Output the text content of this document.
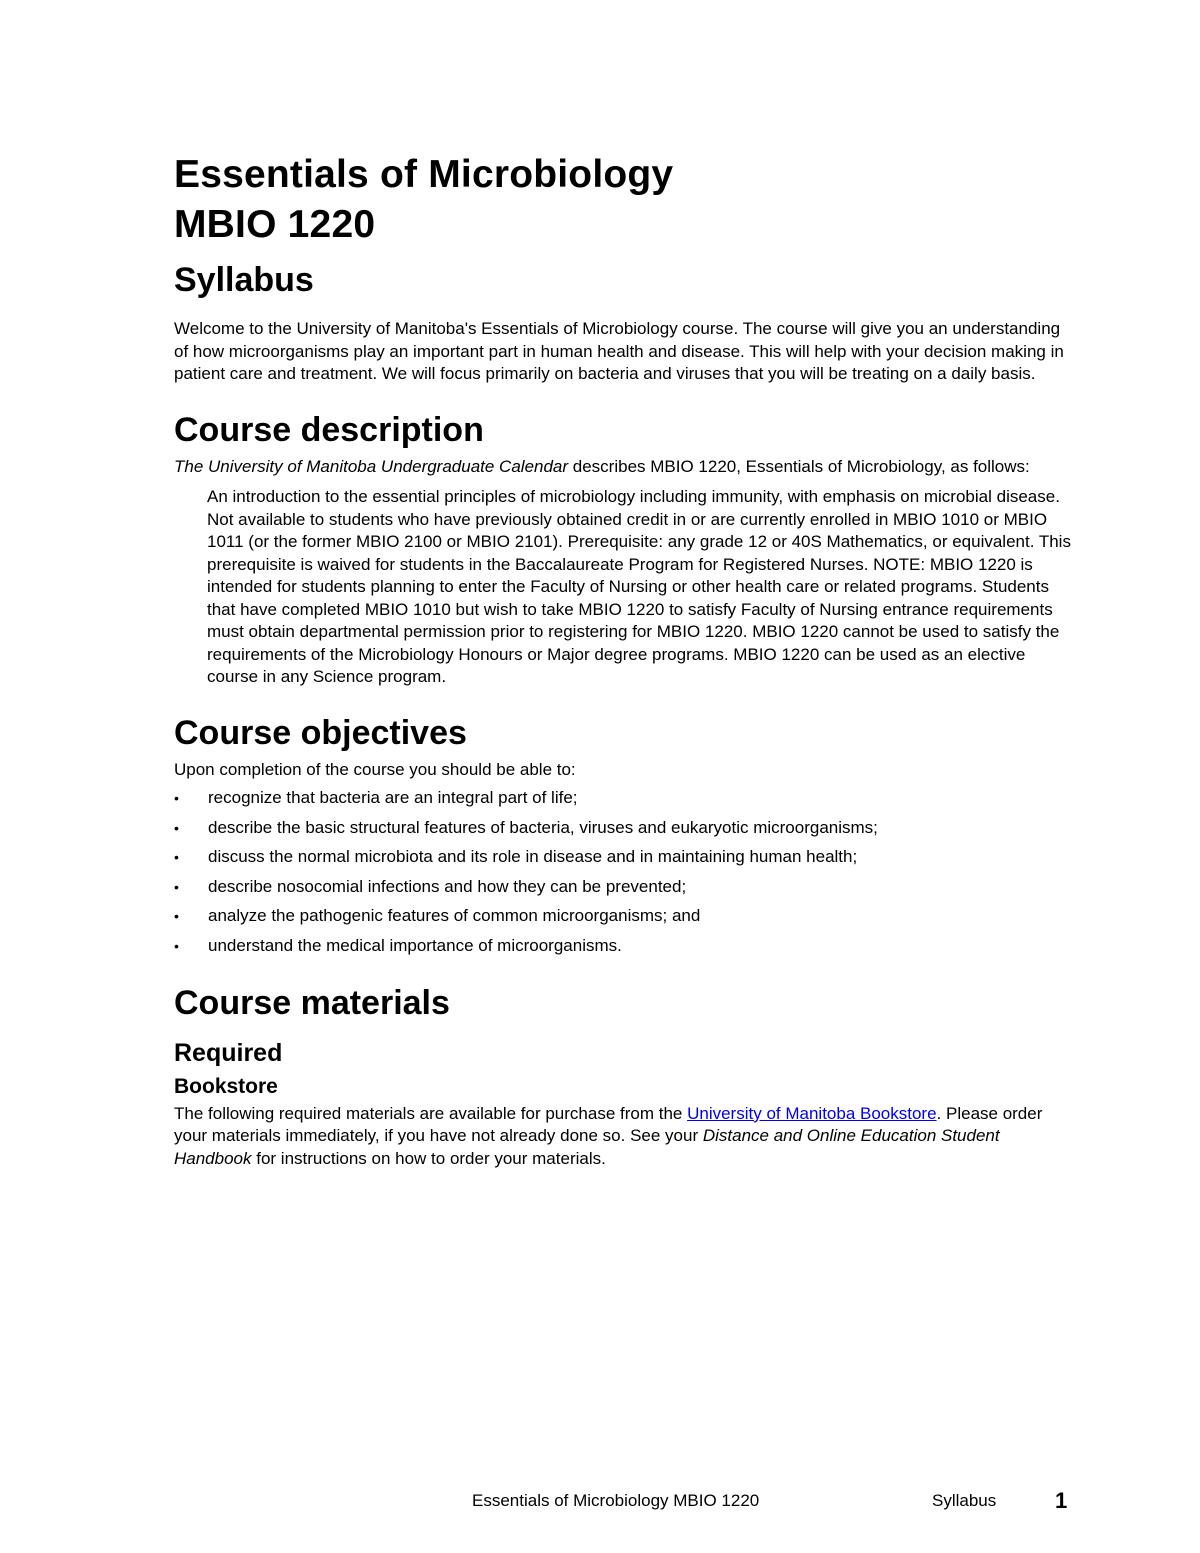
Essentials of Microbiology
MBIO 1220
Syllabus

Welcome to the University of Manitoba's Essentials of Microbiology course. The course will give you an understanding of how microorganisms play an important part in human health and disease. This will help with your decision making in patient care and treatment. We will focus primarily on bacteria and viruses that you will be treating on a daily basis.

Course description

The University of Manitoba Undergraduate Calendar describes MBIO 1220, Essentials of Microbiology, as follows:

An introduction to the essential principles of microbiology including immunity, with emphasis on microbial disease. Not available to students who have previously obtained credit in or are currently enrolled in MBIO 1010 or MBIO 1011 (or the former MBIO 2100 or MBIO 2101). Prerequisite: any grade 12 or 40S Mathematics, or equivalent. This prerequisite is waived for students in the Baccalaureate Program for Registered Nurses. NOTE: MBIO 1220 is intended for students planning to enter the Faculty of Nursing or other health care or related programs. Students that have completed MBIO 1010 but wish to take MBIO 1220 to satisfy Faculty of Nursing entrance requirements must obtain departmental permission prior to registering for MBIO 1220. MBIO 1220 cannot be used to satisfy the requirements of the Microbiology Honours or Major degree programs. MBIO 1220 can be used as an elective course in any Science program.

Course objectives

Upon completion of the course you should be able to:

• recognize that bacteria are an integral part of life;
• describe the basic structural features of bacteria, viruses and eukaryotic microorganisms;
• discuss the normal microbiota and its role in disease and in maintaining human health;
• describe nosocomial infections and how they can be prevented;
• analyze the pathogenic features of common microorganisms; and
• understand the medical importance of microorganisms.
Course materials
Required
Bookstore

The following required materials are available for purchase from the University of Manitoba Bookstore. Please order your materials immediately, if you have not already done so. See your Distance and Online Education Student Handbook for instructions on how to order your materials.

Essentials of Microbiology MBIO 1220	Syllabus	1
